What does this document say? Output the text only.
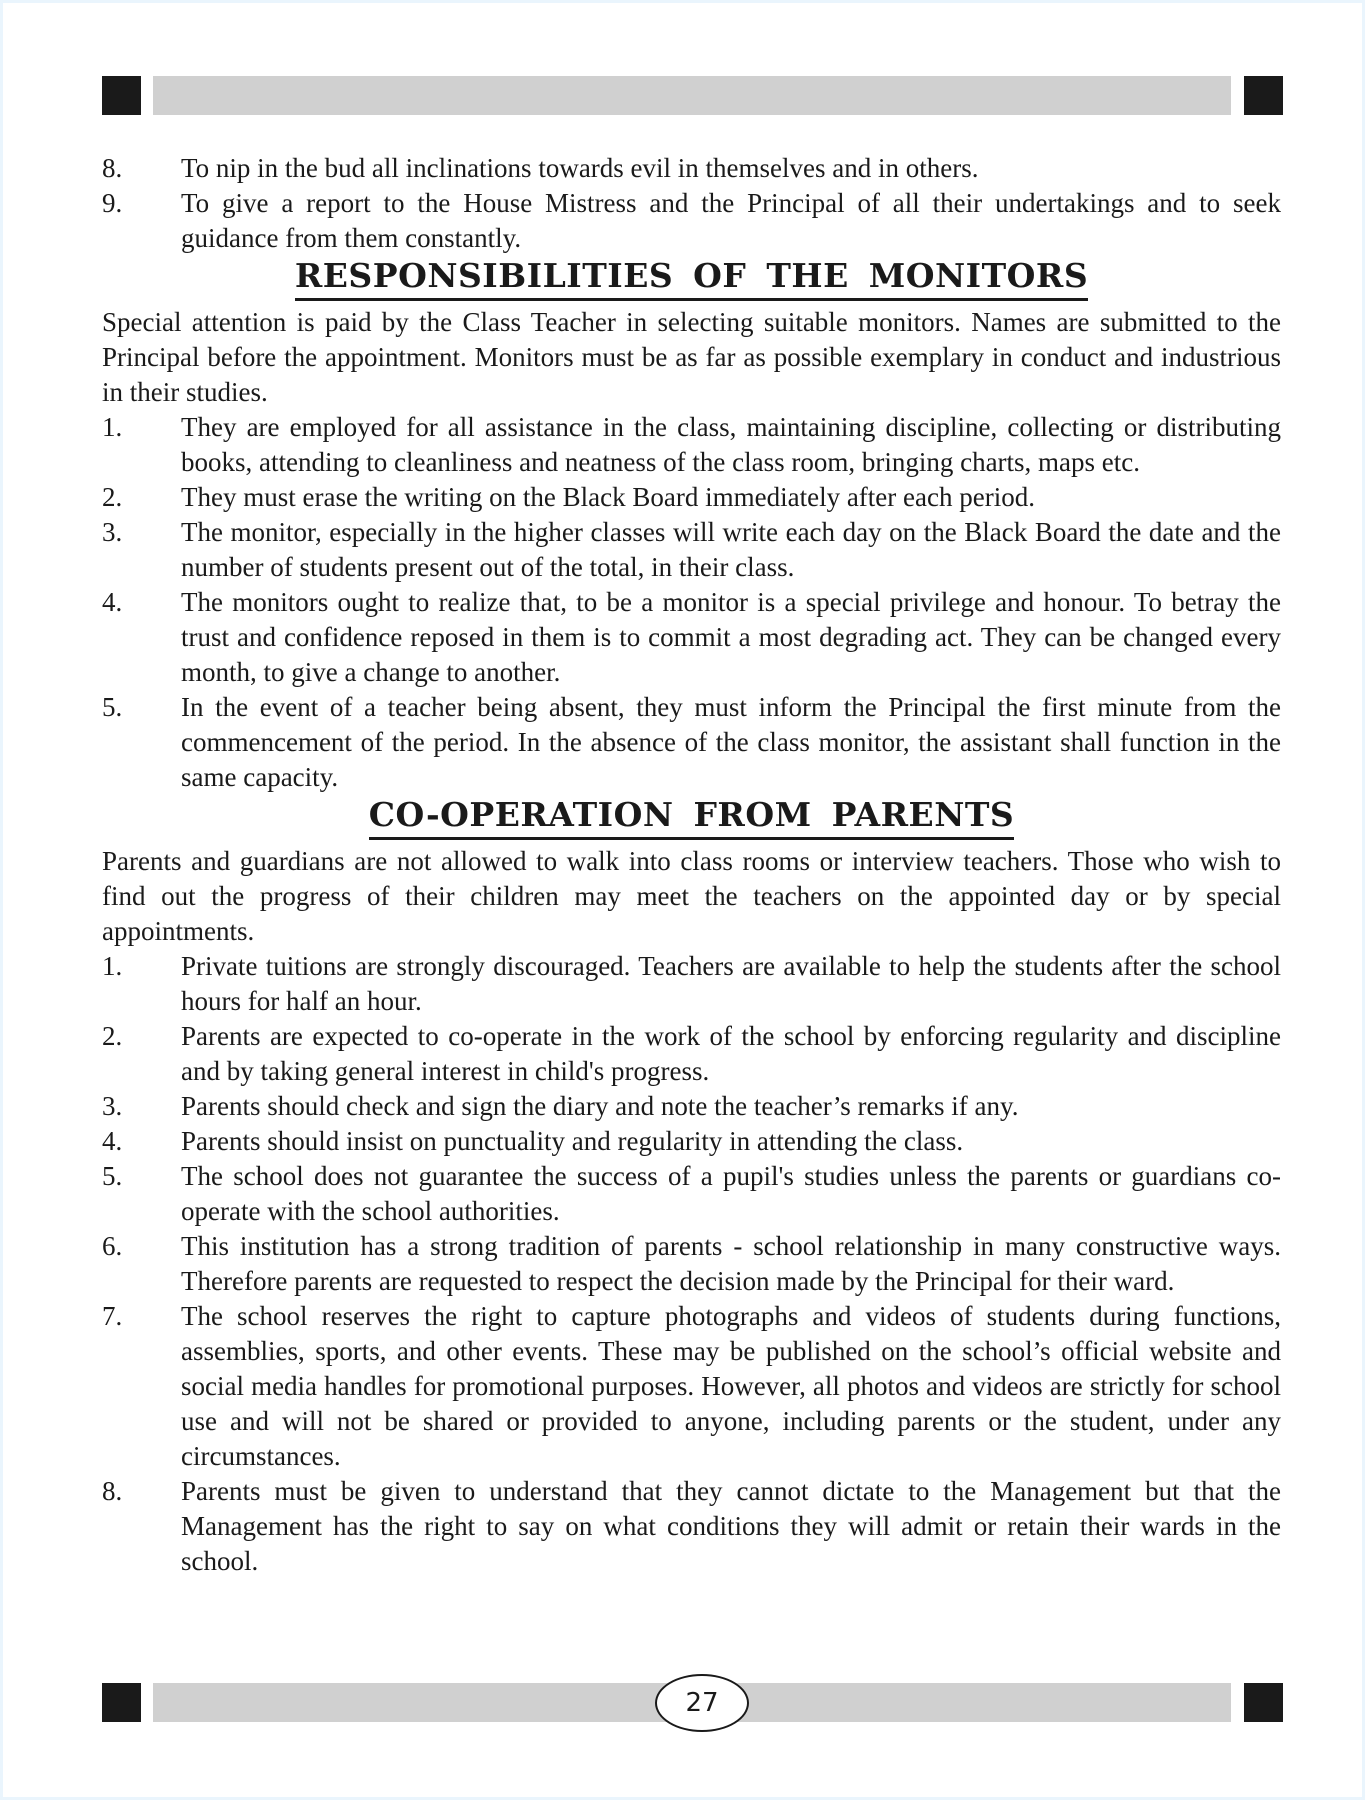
8. To nip in the bud all inclinations towards evil in themselves and in others.
9. To give a report to the House Mistress and the Principal of all their undertakings and to seek guidance from them constantly.
RESPONSIBILITIES OF THE MONITORS

Special attention is paid by the Class Teacher in selecting suitable monitors. Names are submitted to the Principal before the appointment. Monitors must be as far as possible exemplary in conduct and industrious in their studies.

1. They are employed for all assistance in the class, maintaining discipline, collecting or distributing books, attending to cleanliness and neatness of the class room, bringing charts, maps etc.
2. They must erase the writing on the Black Board immediately after each period.
3. The monitor, especially in the higher classes will write each day on the Black Board the date and the number of students present out of the total, in their class.
4. The monitors ought to realize that, to be a monitor is a special privilege and honour. To betray the trust and confidence reposed in them is to commit a most degrading act. They can be changed every month, to give a change to another.
5. In the event of a teacher being absent, they must inform the Principal the first minute from the commencement of the period. In the absence of the class monitor, the assistant shall function in the same capacity.
CO-OPERATION FROM PARENTS

Parents and guardians are not allowed to walk into class rooms or interview teachers. Those who wish to find out the progress of their children may meet the teachers on the appointed day or by special appointments.

1. Private tuitions are strongly discouraged. Teachers are available to help the students after the school hours for half an hour.
2. Parents are expected to co-operate in the work of the school by enforcing regularity and discipline and by taking general interest in child's progress.
3. Parents should check and sign the diary and note the teacher’s remarks if any.
4. Parents should insist on punctuality and regularity in attending the class.
5. The school does not guarantee the success of a pupil's studies unless the parents or guardians co-operate with the school authorities.
6. This institution has a strong tradition of parents - school relationship in many constructive ways. Therefore parents are requested to respect the decision made by the Principal for their ward.
7. The school reserves the right to capture photographs and videos of students during functions, assemblies, sports, and other events. These may be published on the school’s official website and social media handles for promotional purposes. However, all photos and videos are strictly for school use and will not be shared or provided to anyone, including parents or the student, under any circumstances.
8. Parents must be given to understand that they cannot dictate to the Management but that the Management has the right to say on what conditions they will admit or retain their wards in the school.
27
